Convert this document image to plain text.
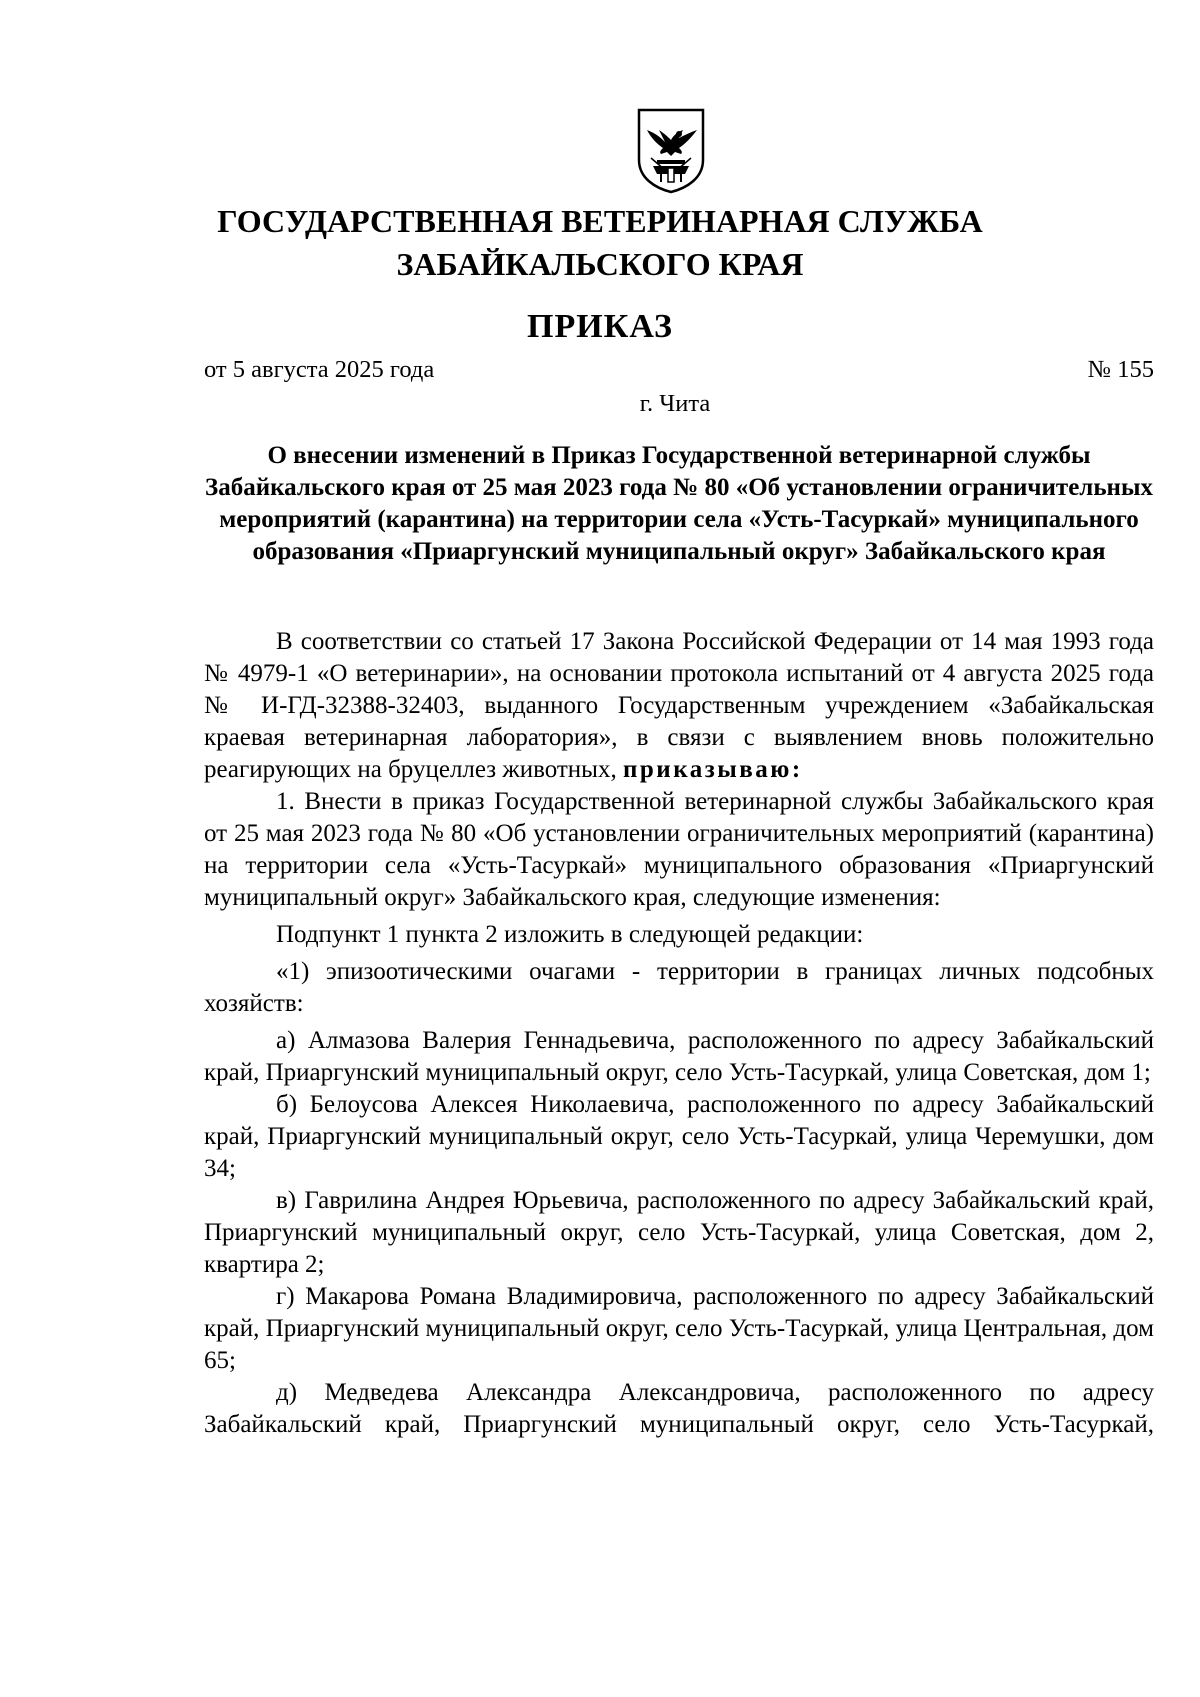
ГОСУДАРСТВЕННАЯ ВЕТЕРИНАРНАЯ СЛУЖБА
ЗАБАЙКАЛЬСКОГО КРАЯ
ПРИКАЗ
от 5 августа 2025 года	№ 155
г. Чита
О внесении изменений в Приказ Государственной ветеринарной службы Забайкальского края от 25 мая 2023 года № 80 «Об установлении ограничительных мероприятий (карантина) на территории села «Усть-Тасуркай» муниципального образования «Приаргунский муниципальный округ» Забайкальского края

В соответствии со статьей 17 Закона Российской Федерации от 14 мая 1993 года № 4979-1 «О ветеринарии», на основании протокола испытаний от 4 августа 2025 года № И-ГД-32388-32403, выданного Государственным учреждением «Забайкальская краевая ветеринарная лаборатория», в связи с выявлением вновь положительно реагирующих на бруцеллез животных, приказываю:

1. Внести в приказ Государственной ветеринарной службы Забайкальского края от 25 мая 2023 года № 80 «Об установлении ограничительных мероприятий (карантина) на территории села «Усть-Тасуркай» муниципального образования «Приаргунский муниципальный округ» Забайкальского края, следующие изменения:

Подпункт 1 пункта 2 изложить в следующей редакции:

«1) эпизоотическими очагами - территории в границах личных подсобных хозяйств:

а) Алмазова Валерия Геннадьевича, расположенного по адресу Забайкальский край, Приаргунский муниципальный округ, село Усть-Тасуркай, улица Советская, дом 1;

б) Белоусова Алексея Николаевича, расположенного по адресу Забайкальский край, Приаргунский муниципальный округ, село Усть-Тасуркай, улица Черемушки, дом 34;

в) Гаврилина Андрея Юрьевича, расположенного по адресу Забайкальский край, Приаргунский муниципальный округ, село Усть-Тасуркай, улица Советская, дом 2, квартира 2;

г) Макарова Романа Владимировича, расположенного по адресу Забайкальский край, Приаргунский муниципальный округ, село Усть-Тасуркай, улица Центральная, дом 65;

д) Медведева Александра Александровича, расположенного по адресу Забайкальский край, Приаргунский муниципальный округ, село Усть-Тасуркай,
